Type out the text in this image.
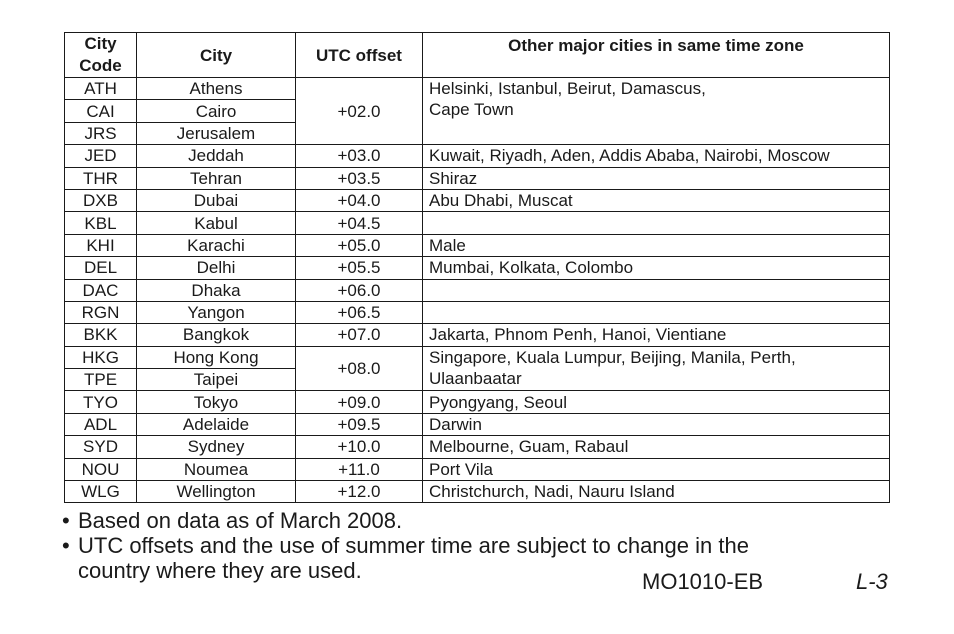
City
Code	City	UTC offset	Other major cities in same time zone
ATH	Athens	+02.0	Helsinki, Istanbul, Beirut, Damascus,
Cape Town
CAI	Cairo		
JRS	Jerusalem		
JED	Jeddah	+03.0	Kuwait, Riyadh, Aden, Addis Ababa, Nairobi, Moscow
THR	Tehran	+03.5	Shiraz
DXB	Dubai	+04.0	Abu Dhabi, Muscat
KBL	Kabul	+04.5	
KHI	Karachi	+05.0	Male
DEL	Delhi	+05.5	Mumbai, Kolkata, Colombo
DAC	Dhaka	+06.0	
RGN	Yangon	+06.5	
BKK	Bangkok	+07.0	Jakarta, Phnom Penh, Hanoi, Vientiane
HKG	Hong Kong	+08.0	Singapore, Kuala Lumpur, Beijing, Manila, Perth,
Ulaanbaatar
TPE	Taipei		
TYO	Tokyo	+09.0	Pyongyang, Seoul
ADL	Adelaide	+09.5	Darwin
SYD	Sydney	+10.0	Melbourne, Guam, Rabaul
NOU	Noumea	+11.0	Port Vila
WLG	Wellington	+12.0	Christchurch, Nadi, Nauru Island
• Based on data as of March 2008.
• UTC offsets and the use of summer time are subject to change in the
country where they are used.	MO1010-EB	L-3
